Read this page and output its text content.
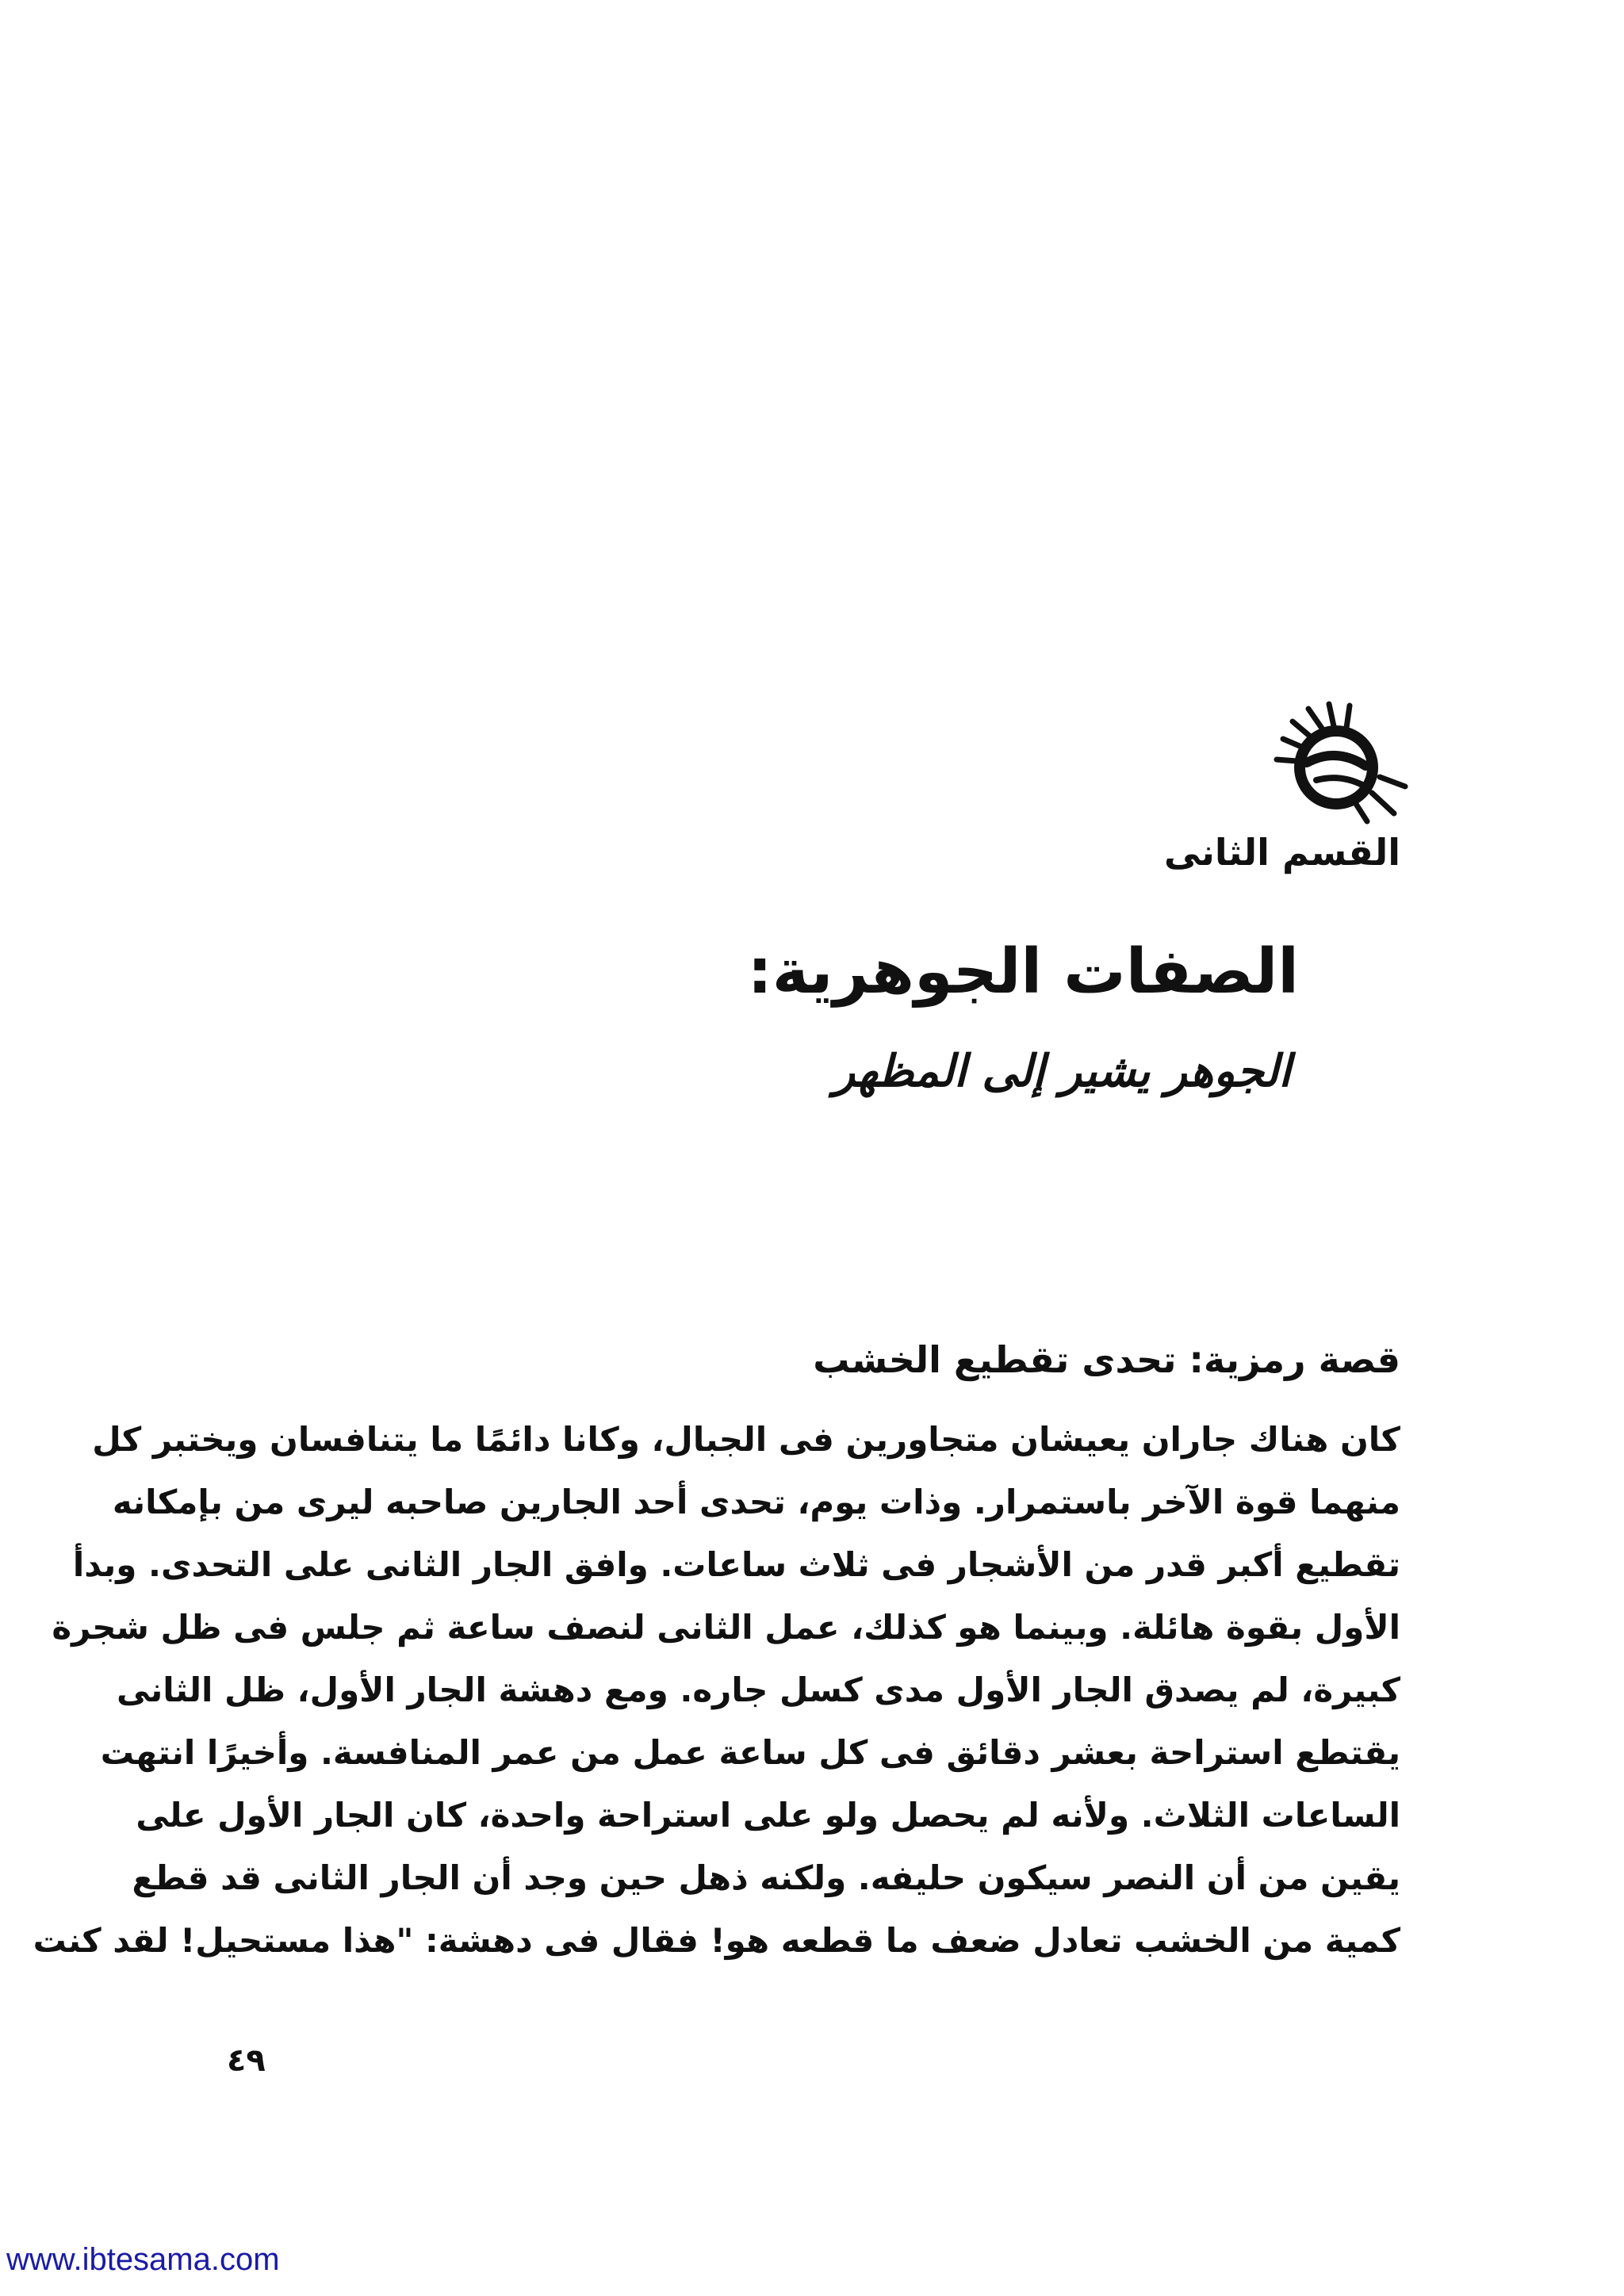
القسم الثانى
الصفات الجوهرية:
الجوهر يشير إلى المظهر
قصة رمزية: تحدى تقطيع الخشب
كان هناك جاران يعيشان متجاورين فى الجبال، وكانا دائمًا ما يتنافسان ويختبر كل
منهما قوة الآخر باستمرار. وذات يوم، تحدى أحد الجارين صاحبه ليرى من بإمكانه
تقطيع أكبر قدر من الأشجار فى ثلاث ساعات. وافق الجار الثانى على التحدى. وبدأ
الأول بقوة هائلة. وبينما هو كذلك، عمل الثانى لنصف ساعة ثم جلس فى ظل شجرة
كبيرة، لم يصدق الجار الأول مدى كسل جاره. ومع دهشة الجار الأول، ظل الثانى
يقتطع استراحة بعشر دقائق فى كل ساعة عمل من عمر المنافسة. وأخيرًا انتهت
الساعات الثلاث. ولأنه لم يحصل ولو على استراحة واحدة، كان الجار الأول على
يقين من أن النصر سيكون حليفه. ولكنه ذهل حين وجد أن الجار الثانى قد قطع
كمية من الخشب تعادل ضعف ما قطعه هو! فقال فى دهشة: "هذا مستحيل! لقد كنت
٤٩
www.ibtesama.com
